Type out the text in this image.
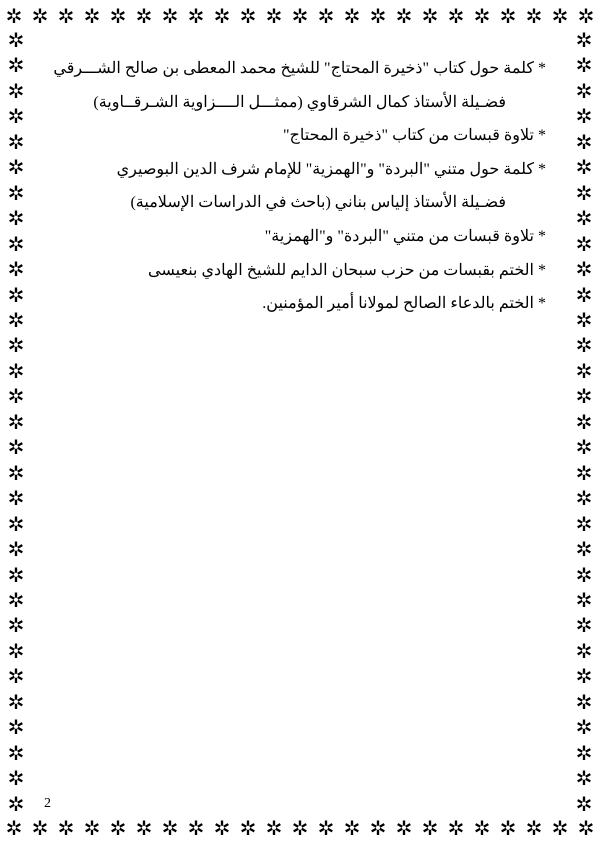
✲ ✲ ✲ ✲ ✲ ✲ ✲ ✲ ✲ ✲ ✲ ✲ ✲ ✲ ✲ ✲ ✲ ✲ ✲ ✲ ✲ ✲ ✲
✲ ✲ ✲ ✲ ✲ ✲ ✲ ✲ ✲ ✲ ✲ ✲ ✲ ✲ ✲ ✲ ✲ ✲ ✲ ✲ ✲ ✲ ✲
✲
✲
✲
✲
✲
✲
✲
✲
✲
✲
✲
✲
✲
✲
✲
✲
✲
✲
✲
✲
✲
✲
✲
✲
✲
✲
✲
✲
✲
✲
✲
✲
✲
✲
✲
✲
✲
✲
✲
✲
✲
✲
✲
✲
✲
✲
✲
✲
✲
✲
✲
✲
✲
✲
✲
✲
✲
✲
✲
✲
✲
✲
* كلمة حول كتاب "ذخيرة المحتاج" للشيخ محمد المعطى بن صالح الشـــرقي
فضـيلة الأستاذ كمال الشرقاوي (ممثـــل الــــزاوية الشـرقــاوية)
* تلاوة قبسات من كتاب "ذخيرة المحتاج"
* كلمة حول متني "البردة" و"الهمزية" للإمام شرف الدين البوصيري
فضـيلة الأستاذ إلياس بناني (باحث في الدراسات الإسلامية)
* تلاوة قبسات من متني "البردة" و"الهمزية"
* الختم بقبسات من حزب سبحان الدايم للشيخ الهادي بنعيسى
* الختم بالدعاء الصالح لمولانا أمير المؤمنين.
2
